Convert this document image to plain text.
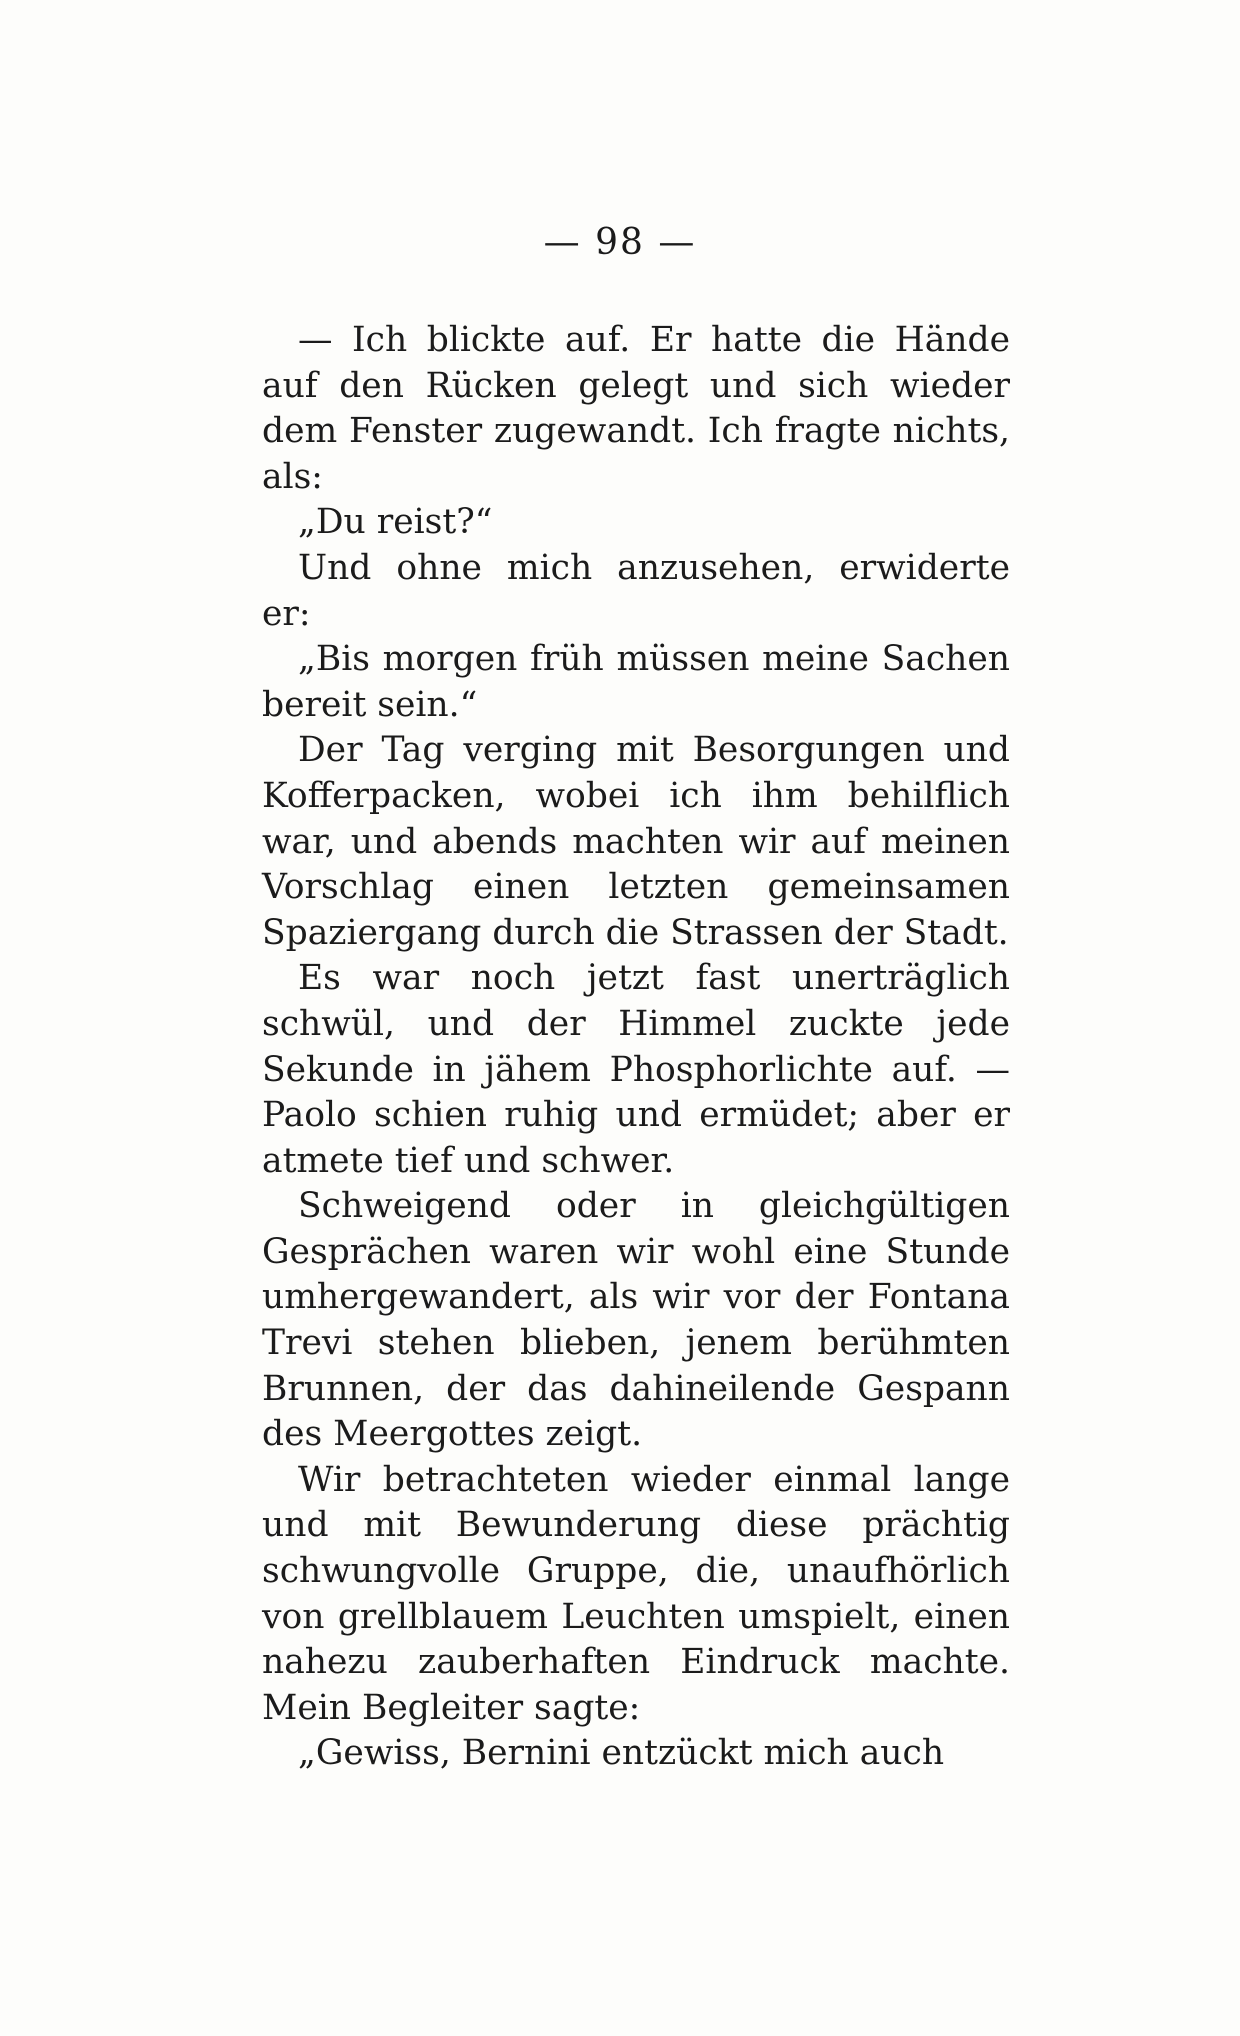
— 98 —

— Ich blickte auf. Er hatte die Hände auf den Rücken gelegt und sich wieder dem Fenster zugewandt. Ich fragte nichts, als:

„Du reist?“

Und ohne mich anzusehen, erwiderte er:

„Bis morgen früh müssen meine Sachen bereit sein.“

Der Tag verging mit Besorgungen und Kofferpacken, wobei ich ihm behilflich war, und abends machten wir auf meinen Vorschlag einen letzten gemeinsamen Spaziergang durch die Strassen der Stadt.

Es war noch jetzt fast unerträglich schwül, und der Himmel zuckte jede Sekunde in jähem Phosphorlichte auf. — Paolo schien ruhig und ermüdet; aber er atmete tief und schwer.

Schweigend oder in gleichgültigen Gesprächen waren wir wohl eine Stunde umhergewandert, als wir vor der Fontana Trevi stehen blieben, jenem berühmten Brunnen, der das dahineilende Gespann des Meergottes zeigt.

Wir betrachteten wieder einmal lange und mit Bewunderung diese prächtig schwungvolle Gruppe, die, unaufhörlich von grellblauem Leuchten umspielt, einen nahezu zauberhaften Eindruck machte. Mein Begleiter sagte:

„Gewiss, Bernini entzückt mich auch
